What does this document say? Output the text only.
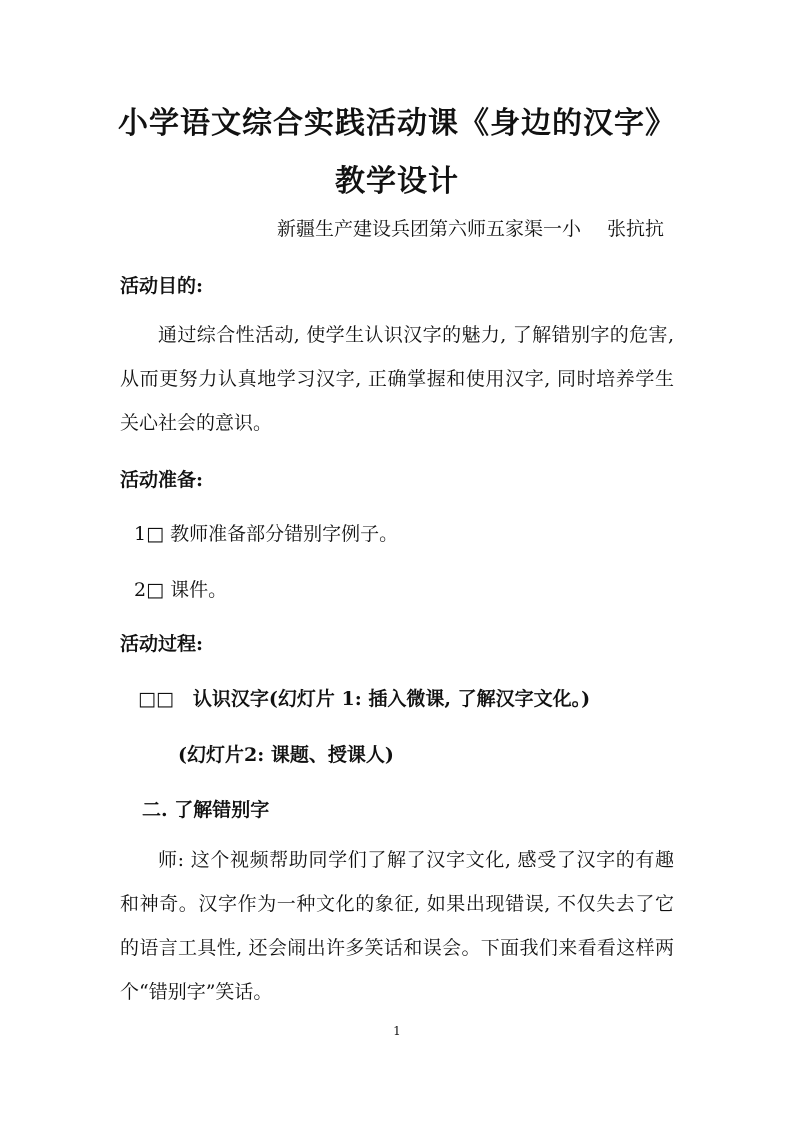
小学语文综合实践活动课《身边的汉字》
教学设计
新疆生产建设兵团第六师五家渠一小 张抗抗
活动目的:
通过综合性活动, 使学生认识汉字的魅力, 了解错别字的危害, 从而更努力认真地学习汉字, 正确掌握和使用汉字, 同时培养学生关心社会的意识。
活动准备:
1□ 教师准备部分错别字例子。
2□ 课件。
活动过程:
□□　认识汉字(幻灯片 1: 插入微课, 了解汉字文化。)
(幻灯片2: 课题、授课人)
二. 了解错别字
师: 这个视频帮助同学们了解了汉字文化, 感受了汉字的有趣和神奇。汉字作为一种文化的象征, 如果出现错误, 不仅失去了它的语言工具性, 还会闹出许多笑话和误会。下面我们来看看这样两个“错别字”笑话。
1
